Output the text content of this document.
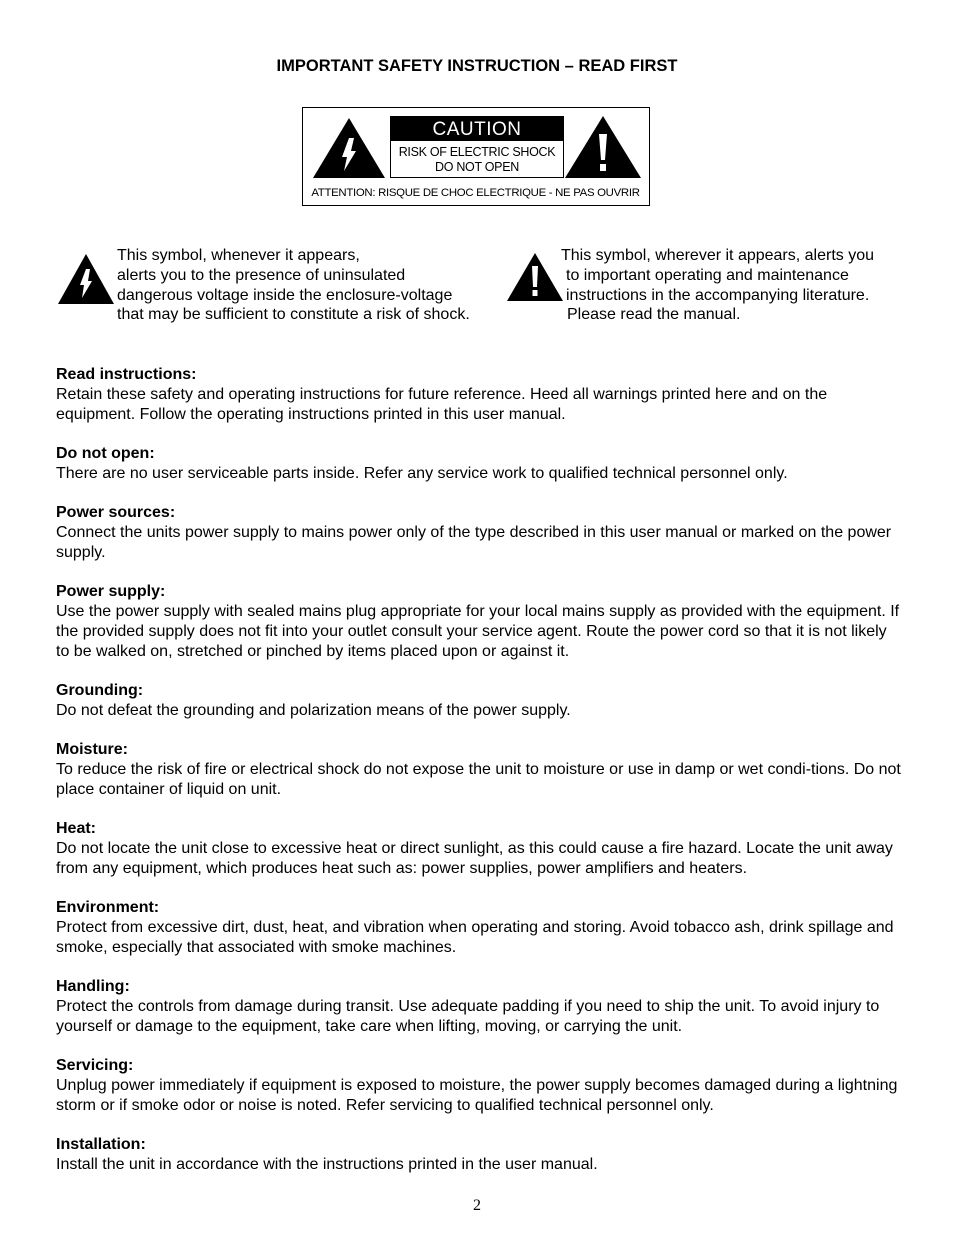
IMPORTANT SAFETY INSTRUCTION – READ FIRST
CAUTION
RISK OF ELECTRIC SHOCK
DO NOT OPEN
ATTENTION: RISQUE DE CHOC ELECTRIQUE - NE PAS OUVRIR
This symbol, whenever it appears,
alerts you to the presence of uninsulated
dangerous voltage inside the enclosure-voltage
that may be sufficient to constitute a risk of shock.
This symbol, wherever it appears, alerts you
to important operating and maintenance
instructions in the accompanying literature.
Please read the manual.
Read instructions:
Retain these safety and operating instructions for future reference. Heed all warnings printed here and on the equipment. Follow the operating instructions printed in this user manual.
Do not open:
There are no user serviceable parts inside. Refer any service work to qualified technical personnel only.
Power sources:
Connect the units power supply to mains power only of the type described in this user manual or marked on the power supply.
Power supply:
Use the power supply with sealed mains plug appropriate for your local mains supply as provided with the equipment. If the provided supply does not fit into your outlet consult your service agent. Route the power cord so that it is not likely to be walked on, stretched or pinched by items placed upon or against it.
Grounding:
Do not defeat the grounding and polarization means of the power supply.
Moisture:
To reduce the risk of fire or electrical shock do not expose the unit to moisture or use in damp or wet condi-tions. Do not place container of liquid on unit.
Heat:
Do not locate the unit close to excessive heat or direct sunlight, as this could cause a fire hazard. Locate the unit away from any equipment, which produces heat such as: power supplies, power amplifiers and heaters.
Environment:
Protect from excessive dirt, dust, heat, and vibration when operating and storing. Avoid tobacco ash, drink spillage and smoke, especially that associated with smoke machines.
Handling:
Protect the controls from damage during transit. Use adequate padding if you need to ship the unit. To avoid injury to yourself or damage to the equipment, take care when lifting, moving, or carrying the unit.
Servicing:
Unplug power immediately if equipment is exposed to moisture, the power supply becomes damaged during a lightning storm or if smoke odor or noise is noted. Refer servicing to qualified technical personnel only.
Installation:
Install the unit in accordance with the instructions printed in the user manual.
2
